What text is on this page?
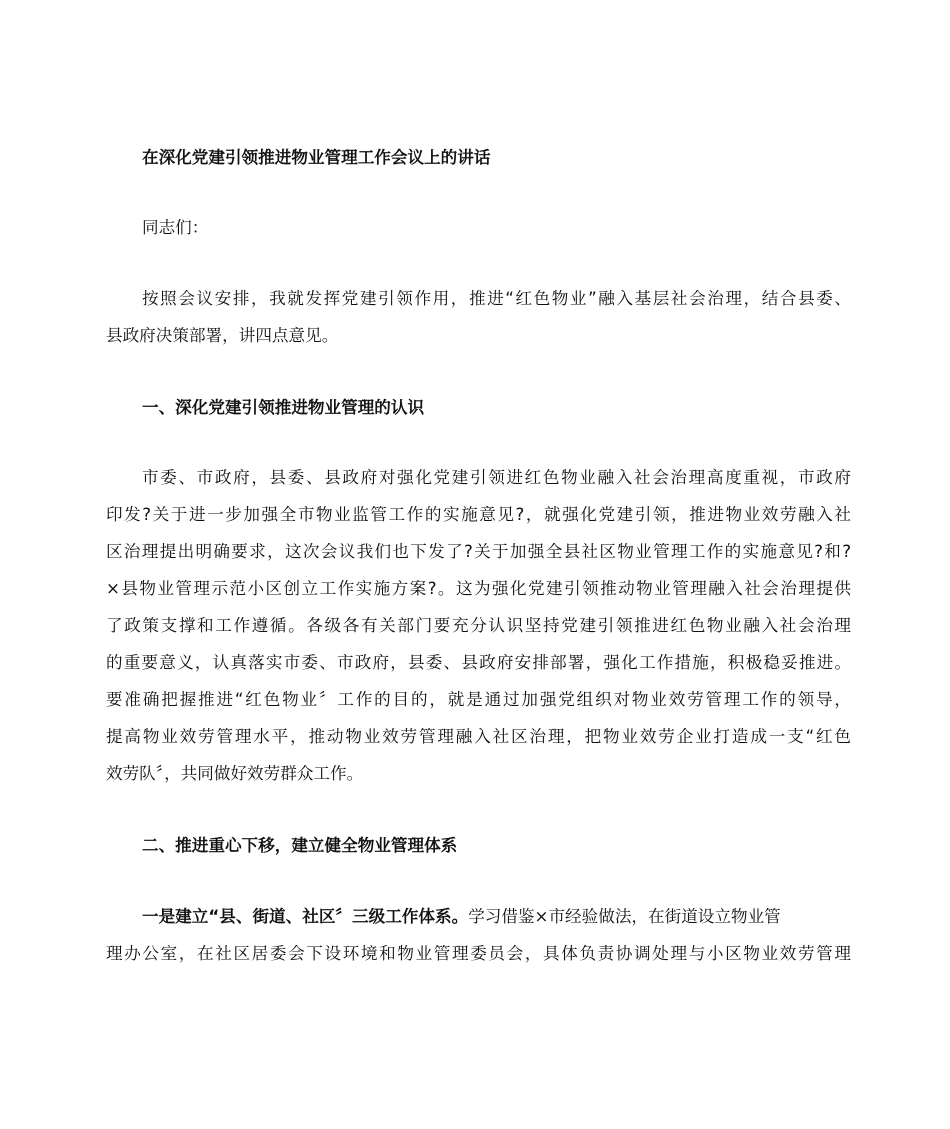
在深化党建引领推进物业管理工作会议上的讲话
同志们：
按照会议安排，我就发挥党建引领作用，推进“红色物业”融入基层社会治理，结合县委、
县政府决策部署，讲四点意见。
一、深化党建引领推进物业管理的认识
市委、市政府，县委、县政府对强化党建引领进红色物业融入社会治理高度重视，市政府
印发?关于进一步加强全市物业监管工作的实施意见?，就强化党建引领，推进物业效劳融入社
区治理提出明确要求，这次会议我们也下发了?关于加强全县社区物业管理工作的实施意见?和?
×县物业管理示范小区创立工作实施方案?。这为强化党建引领推动物业管理融入社会治理提供
了政策支撑和工作遵循。各级各有关部门要充分认识坚持党建引领推进红色物业融入社会治理
的重要意义，认真落实市委、市政府，县委、县政府安排部署，强化工作措施，积极稳妥推进。
要准确把握推进“红色物业〞工作的目的，就是通过加强党组织对物业效劳管理工作的领导，
提高物业效劳管理水平，推动物业效劳管理融入社区治理，把物业效劳企业打造成一支“红色
效劳队〞，共同做好效劳群众工作。
二、推进重心下移，建立健全物业管理体系
一是建立“县、街道、社区〞三级工作体系。学习借鉴×市经验做法，在街道设立物业管
理办公室，在社区居委会下设环境和物业管理委员会，具体负责协调处理与小区物业效劳管理
